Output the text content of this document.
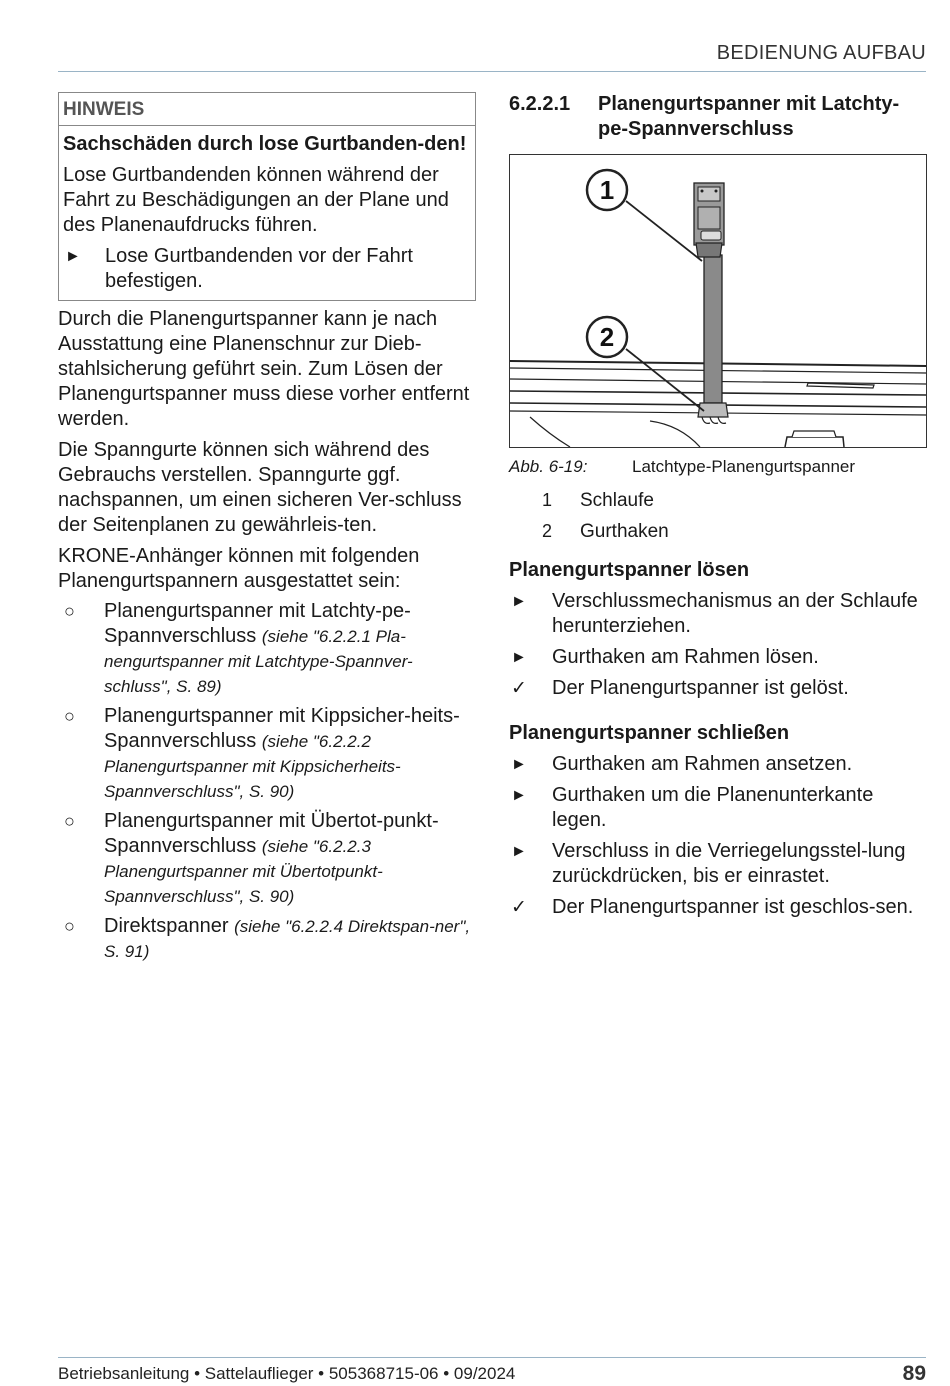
BEDIENUNG AUFBAU
HINWEIS

Sachschäden durch lose Gurtbanden-den!

Lose Gurtbandenden können während der Fahrt zu Beschädigungen an der Plane und des Planenaufdrucks führen.

►	Lose Gurtbandenden vor der Fahrt befestigen.

Durch die Planengurtspanner kann je nach Ausstattung eine Planenschnur zur Dieb-stahlsicherung geführt sein. Zum Lösen der Planengurtspanner muss diese vorher entfernt werden.

Die Spanngurte können sich während des Gebrauchs verstellen. Spanngurte ggf. nachspannen, um einen sicheren Ver-schluss der Seitenplanen zu gewährleis-ten.

KRONE-Anhänger können mit folgenden Planengurtspannern ausgestattet sein:

○	Planengurtspanner mit Latchty-pe-Spannverschluss (siehe "6.2.2.1 Pla-nengurtspanner mit Latchtype-Spannver-schluss", S. 89)
○	Planengurtspanner mit Kippsicher-heits-Spannverschluss (siehe "6.2.2.2 Planengurtspanner mit Kippsicherheits-Spannverschluss", S. 90)
○	Planengurtspanner mit Übertot-punkt-Spannverschluss (siehe "6.2.2.3 Planengurtspanner mit Übertotpunkt-Spannverschluss", S. 90)
○	Direktspanner (siehe "6.2.2.4 Direktspan-ner", S. 91)
6.2.2.1	Planengurtspanner mit Latchty-pe-Spannverschluss
1
2
Abb. 6-19:	Latchtype-Planengurtspanner
1	Schlaufe
2	Gurthaken
Planengurtspanner lösen
►	Verschlussmechanismus an der Schlaufe herunterziehen.
►	Gurthaken am Rahmen lösen.
✓	Der Planengurtspanner ist gelöst.
Planengurtspanner schließen
►	Gurthaken am Rahmen ansetzen.
►	Gurthaken um die Planenunterkante legen.
►	Verschluss in die Verriegelungsstel-lung zurückdrücken, bis er einrastet.
✓	Der Planengurtspanner ist geschlos-sen.
Betriebsanleitung • Sattelauflieger • 505368715-06 • 09/2024	89
